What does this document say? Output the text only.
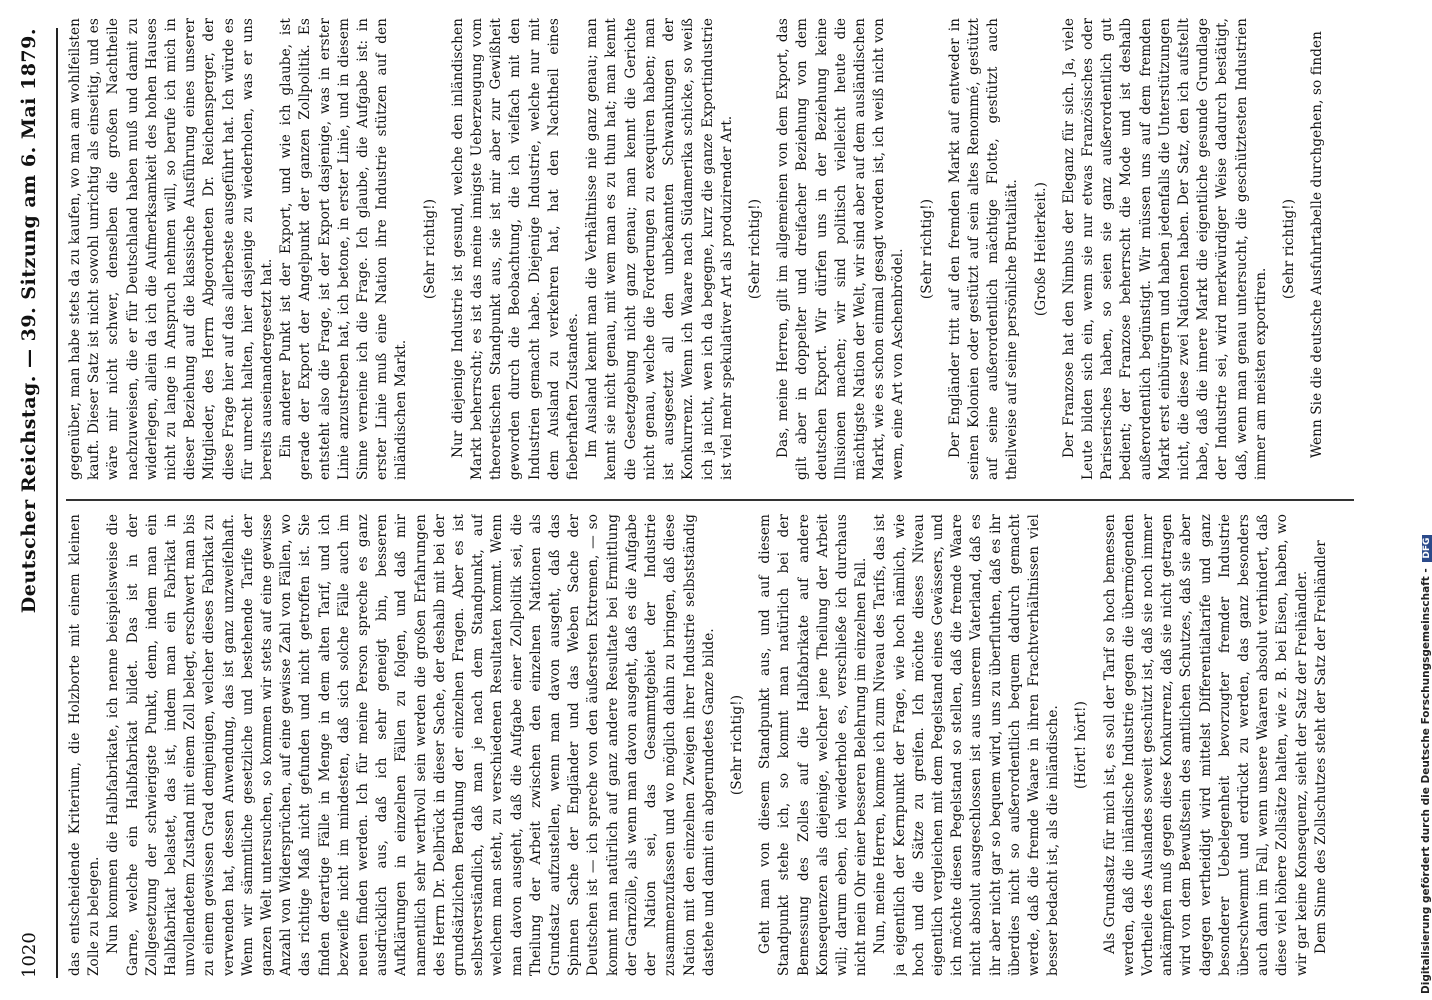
1020
Deutscher Reichstag. — 39. Sitzung am 6. Mai 1879.

das entscheidende Kriterium, die Holzborte mit einem kleinen Zolle zu belegen. Nun kommen die Halbfabrikate, ich nenne beispielsweise die Garne, welche ein Halbfabrikat bildet. Das ist in der Zollgesetzung der schwierigste Punkt, denn, indem man ein Halbfabrikat belastet, das ist, indem man ein Fabrikat in unvollendetem Zustand mit einem Zoll belegt, erschwert man bis zu einem gewissen Grad demjenigen, welcher dieses Fabrikat zu verwenden hat, dessen Anwendung, das ist ganz unzweifelhaft. Wenn wir sämmtliche gesetzliche und bestehende Tarife der ganzen Welt untersuchen, so kommen wir stets auf eine gewisse Anzahl von Widersprüchen, auf eine gewisse Zahl von Fällen, wo das richtige Maß nicht gefunden und nicht getroffen ist. Sie finden derartige Fälle in Menge in dem alten Tarif, und ich bezweifle nicht im mindesten, daß sich solche Fälle auch im neuen finden werden. Ich für meine Person spreche es ganz ausdrücklich aus, daß ich sehr geneigt bin, besseren Aufklärungen in einzelnen Fällen zu folgen, und daß mir namentlich sehr werthvoll sein werden die großen Erfahrungen des Herrn Dr. Delbrück in dieser Sache, der deshalb mit bei der grundsätzlichen Berathung der einzelnen Fragen. Aber es ist selbstverständlich, daß man je nach dem Standpunkt, auf welchem man steht, zu verschiedenen Resultaten kommt. Wenn man davon ausgeht, daß die Aufgabe einer Zollpolitik sei, die Theilung der Arbeit zwischen den einzelnen Nationen als Grundsatz aufzustellen, wenn man davon ausgeht, daß das Spinnen Sache der Engländer und das Weben Sache der Deutschen ist — ich spreche von den äußersten Extremen, — so kommt man natürlich auf ganz andere Resultate bei Ermittlung der Garnzölle, als wenn man davon ausgeht, daß es die Aufgabe der Nation sei, das Gesammtgebiet der Industrie zusammenzufassen und wo möglich dahin zu bringen, daß diese Nation mit den einzelnen Zweigen ihrer Industrie selbstständig dastehe und damit ein abgerundetes Ganze bilde. (Sehr richtig!) Geht man von diesem Standpunkt aus, und auf diesem Standpunkt stehe ich, so kommt man natürlich bei der Bemessung des Zolles auf die Halbfabrikate auf andere Konsequenzen als diejenige, welcher jene Theilung der Arbeit will; darum eben, ich wiederhole es, verschließe ich durchaus nicht mein Ohr einer besseren Belehrung im einzelnen Fall. Nun, meine Herren, komme ich zum Niveau des Tarifs, das ist ja eigentlich der Kernpunkt der Frage, wie hoch nämlich, wie hoch und die Sätze zu greifen. Ich möchte dieses Niveau eigentlich vergleichen mit dem Pegelstand eines Gewässers, und ich möchte diesen Pegelstand so stellen, daß die fremde Waare nicht absolut ausgeschlossen ist aus unserem Vaterland, daß es ihr aber nicht gar so bequem wird, uns zu überfluthen, daß es ihr überdies nicht so außerordentlich bequem dadurch gemacht werde, daß die fremde Waare in ihren Frachtverhältnissen viel besser bedacht ist, als die inländische. (Hört! hört!) Als Grundsatz für mich ist, es soll der Tarif so hoch bemessen werden, daß die inländische Industrie gegen die übermögenden Vortheile des Auslandes soweit geschützt ist, daß sie noch immer ankämpfen muß gegen diese Konkurrenz, daß sie nicht getragen wird von dem Bewußtsein des amtlichen Schutzes, daß sie aber dagegen vertheidigt wird mittelst Differentialtarife und ganz besonderer Uebelegenheit bevorzugter fremder Industrie überschwemmt und erdrückt zu werden, das ganz besonders auch dann im Fall, wenn unsere Waaren absolut verhindert, daß diese viel höhere Zollsätze halten, wie z. B. bei Eisen, haben, wo wir gar keine Konsequenz, sieht der Satz der Freihändler. Dem Sinne des Zollschutzes steht der Satz der Freihändler

gegenüber, man habe stets da zu kaufen, wo man am wohlfeilsten kauft. Dieser Satz ist nicht sowohl unrichtig als einseitig, und es wäre mir nicht schwer, denselben die großen Nachtheile nachzuweisen, die er für Deutschland haben muß und damit zu widerlegen, allein da ich die Aufmerksamkeit des hohen Hauses nicht zu lange in Anspruch nehmen will, so berufe ich mich in dieser Beziehung auf die klassische Ausführung eines unserer Mitglieder, des Herrn Abgeordneten Dr. Reichensperger, der diese Frage hier auf das allerbeste ausgeführt hat. Ich würde es für unrecht halten, hier dasjenige zu wiederholen, was er uns bereits auseinandergesetzt hat. Ein anderer Punkt ist der Export, und wie ich glaube, ist gerade der Export der Angelpunkt der ganzen Zollpolitik. Es entsteht also die Frage, ist der Export dasjenige, was in erster Linie anzustreben hat, ich betone, in erster Linie, und in diesem Sinne verneine ich die Frage. Ich glaube, die Aufgabe ist: in erster Linie muß eine Nation ihre Industrie stützen auf den inländischen Markt.

(Sehr richtig!) Nur diejenige Industrie ist gesund, welche den inländischen Markt beherrscht; es ist das meine innigste Ueberzeugung vom theoretischen Standpunkt aus, sie ist mir aber zur Gewißheit geworden durch die Beobachtung, die ich vielfach mit den Industrien gemacht habe. Diejenige Industrie, welche nur mit dem Ausland zu verkehren hat, hat den Nachtheil eines fieberhaften Zustandes. Im Ausland kennt man die Verhältnisse nie ganz genau; man kennt sie nicht genau, mit wem man es zu thun hat; man kennt die Gesetzgebung nicht ganz genau; man kennt die Gerichte nicht genau, welche die Forderungen zu exequiren haben; man ist ausgesetzt all den unbekannten Schwankungen der Konkurrenz. Wenn ich Waare nach Südamerika schicke, so weiß ich ja nicht, wen ich da begegne, kurz die ganze Exportindustrie ist viel mehr spekulativer Art als produzirender Art. (Sehr richtig!) Das, meine Herren, gilt im allgemeinen von dem Export, das gilt aber in doppelter und dreifacher Beziehung von dem deutschen Export. Wir dürfen uns in der Beziehung keine Illusionen machen; wir sind politisch vielleicht heute die mächtigste Nation der Welt, wir sind aber auf dem ausländischen Markt, wie es schon einmal gesagt worden ist, ich weiß nicht von wem, eine Art von Aschenbrödel. (Sehr richtig!) Der Engländer tritt auf den fremden Markt auf entweder in seinen Kolonien oder gestützt auf sein altes Renommé, gestützt auf seine außerordentlich mächtige Flotte, gestützt auch theilweise auf seine persönliche Brutalität. (Große Heiterkeit.) Der Franzose hat den Nimbus der Eleganz für sich. Ja, viele Leute bilden sich ein, wenn sie nur etwas Französisches oder Pariserisches haben, so seien sie ganz außerordentlich gut bedient; der Franzose beherrscht die Mode und ist deshalb außerordentlich begünstigt. Wir müssen uns auf dem fremden Markt erst einbürgern und haben jedenfalls die Unterstützungen nicht, die diese zwei Nationen haben. Der Satz, den ich aufstellt habe, daß die innere Markt die eigentliche gesunde Grundlage der Industrie sei, wird merkwürdiger Weise dadurch bestätigt, daß, wenn man genau untersucht, die geschütztesten Industrien immer am meisten exportiren.

(Sehr richtig!) Wenn Sie die deutsche Ausfuhrtabelle durchgehen, so finden

Digitalisierung gefördert durch die Deutsche Forschungsgemeinschaft - DFG
